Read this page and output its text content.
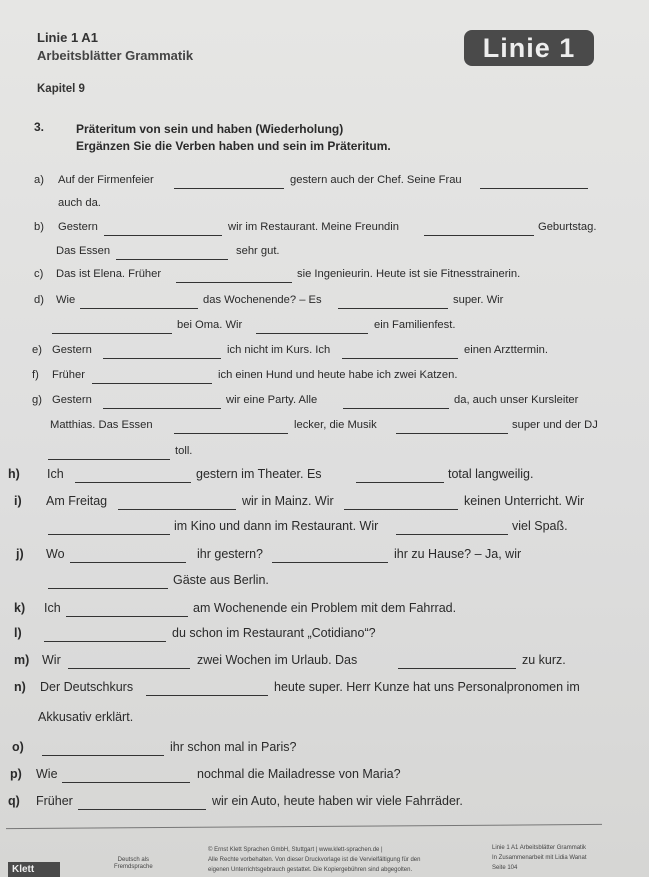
Linie 1 A1
Arbeitsblätter Grammatik	Linie 1
Kapitel 9
3.	Präteritum von sein und haben (Wiederholung)
Ergänzen Sie die Verben haben und sein im Präteritum.
a) Auf der Firmenfeier	gestern auch der Chef. Seine Frau
auch da.
b) Gestern	wir im Restaurant. Meine Freundin	Geburtstag.
Das Essen	sehr gut.
c) Das ist Elena. Früher	sie Ingenieurin. Heute ist sie Fitnesstrainerin.
d) Wie	das Wochenende? – Es	super. Wir
bei Oma. Wir	ein Familienfest.
e) Gestern	ich nicht im Kurs. Ich	einen Arzttermin.
f) Früher	ich einen Hund und heute habe ich zwei Katzen.
g) Gestern	wir eine Party. Alle	da, auch unser Kursleiter
Matthias. Das Essen	lecker, die Musik	super und der DJ
toll.
h) Ich	gestern im Theater. Es	total langweilig.
i) Am Freitag	wir in Mainz. Wir	keinen Unterricht. Wir
im Kino und dann im Restaurant. Wir	viel Spaß.
j) Wo	ihr gestern?	ihr zu Hause? – Ja, wir
Gäste aus Berlin.
k) Ich	am Wochenende ein Problem mit dem Fahrrad.
l)	du schon im Restaurant „Cotidiano“?
m) Wir	zwei Wochen im Urlaub. Das	zu kurz.
n) Der Deutschkurs	heute super. Herr Kunze hat uns Personalpronomen im
Akkusativ erklärt.
o)	ihr schon mal in Paris?
p) Wie	nochmal die Mailadresse von Maria?
q) Früher	wir ein Auto, heute haben wir viele Fahrräder.
Klett
Deutsch als
Fremdsprache
© Ernst Klett Sprachen GmbH, Stuttgart | www.klett-sprachen.de |
Alle Rechte vorbehalten. Von dieser Druckvorlage ist die Vervielfältigung für den
eigenen Unterrichtsgebrauch gestattet. Die Kopiergebühren sind abgegolten.
Linie 1 A1 Arbeitsblätter Grammatik
In Zusammenarbeit mit Lidia Wanat
Seite 104
